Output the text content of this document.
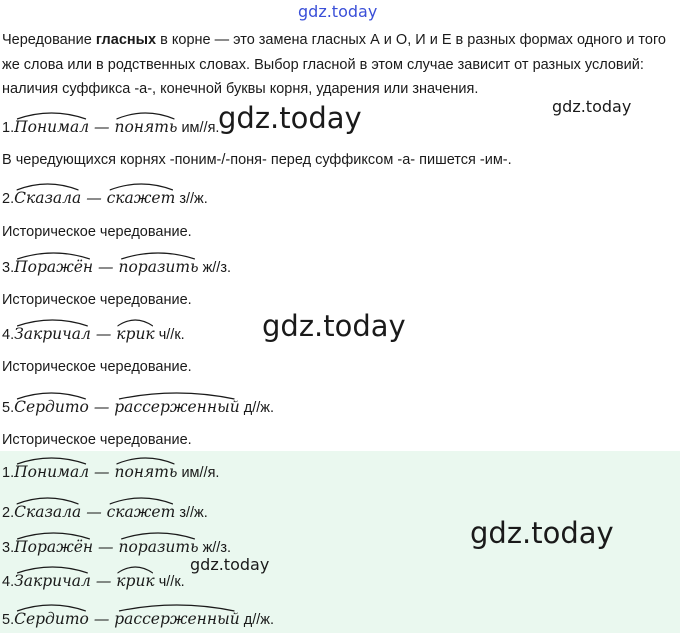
gdz.today
Чередование гласных в корне — это замена гласных А и О, И и Е в разных формах одного и того же слова или в родственных словах. Выбор гласной в этом случае зависит от разных условий: наличия суффикса -а-, конечной буквы корня, ударения или значения.
1.
Понимал —
понять им//я.
gdz.today	gdz.today
В чередующихся корнях -поним-/-поня- перед суффиксом -а- пишется -им-.
2.
Сказала —
скажет з//ж.
Историческое чередование.
3.
Поражён —
поразить ж//з.
Историческое чередование.
4.
Закричал —
крик ч//к.	gdz.today
Историческое чередование.
5.
Сердито —
рассерженный д//ж.
Историческое чередование.
1.
Понимал —
понять им//я.
2.
Сказала —
скажет з//ж.
gdz.today
3.
Поражён —
поразить ж//з.
gdz.today
4.
Закричал —
крик ч//к.
5.
Сердито —
рассерженный д//ж.
